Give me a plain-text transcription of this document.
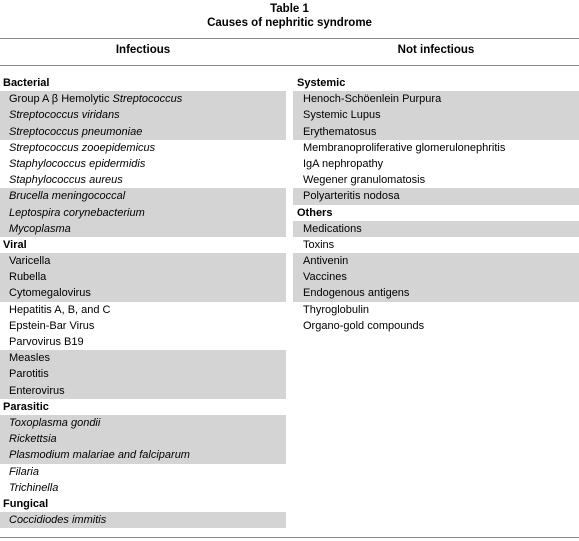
Table 1
Causes of nephritic syndrome
Infectious	Not infectious
Bacterial
Group A β Hemolytic Streptococcus
Streptococcus viridans
Streptococcus pneumoniae
Streptococcus zooepidemicus
Staphylococcus epidermidis
Staphylococcus aureus
Brucella meningococcal
Leptospira corynebacterium
Mycoplasma
Viral
Varicella
Rubella
Cytomegalovirus
Hepatitis A, B, and C
Epstein-Bar Virus
Parvovirus B19
Measles
Parotitis
Enterovirus
Parasitic
Toxoplasma gondii
Rickettsia
Plasmodium malariae and falciparum
Filaria
Trichinella
Fungical
Coccidiodes immitis
Systemic
Henoch-Schöenlein Purpura
Systemic Lupus
Erythematosus
Membranoproliferative glomerulonephritis
IgA nephropathy
Wegener granulomatosis
Polyarteritis nodosa
Others
Medications
Toxins
Antivenin
Vaccines
Endogenous antigens
Thyroglobulin
Organo-gold compounds
